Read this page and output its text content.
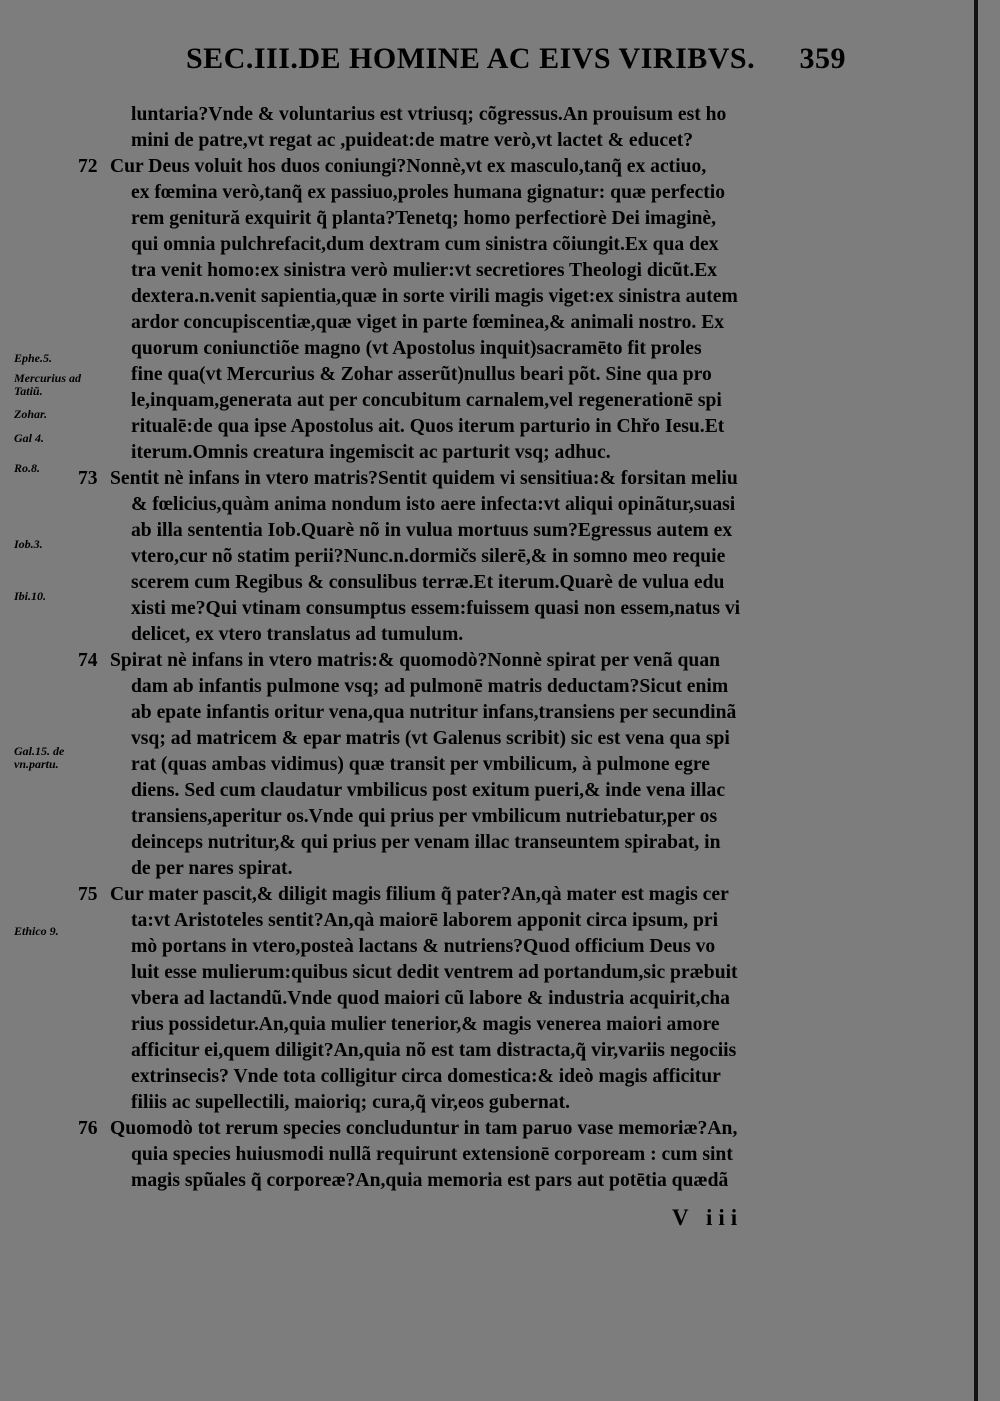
SEC.III.DE HOMINE AC EIVS VIRIBVS. 359
luntaria?Vnde & voluntarius est vtriusq; cõgressus.An prouisum est ho
mini de patre,vt regat ac ,puideat:de matre verò,vt lactet & educet?
72 Cur Deus voluit hos duos coniungi?Nonnè,vt ex masculo,tanq̃ ex actiuo,
ex fœmina verò,tanq̃ ex passiuo,proles humana gignatur: quæ perfectio
rem genitură exquirit q̃ planta?Tenetq; homo perfectiorè Dei imaginè,
qui omnia pulchrefacit,dum dextram cum sinistra cõiungit.Ex qua dex
tra venit homo:ex sinistra verò mulier:vt secretiores Theologi dicũt.Ex
dextera.n.venit sapientia,quæ in sorte virili magis viget:ex sinistra autem
ardor concupiscentiæ,quæ viget in parte fœminea,& animali nostro. Ex
quorum coniunctiõe magno (vt Apostolus inquit)sacramēto fit proles
fine qua(vt Mercurius & Zohar asserũt)nullus beari põt. Sine qua pro
le,inquam,generata aut per concubitum carnalem,vel regenerationē spi
ritualē:de qua ipse Apostolus ait. Quos iterum parturio in Chřo Iesu.Et
iterum.Omnis creatura ingemiscit ac parturit vsq; adhuc.
73 Sentit nè infans in vtero matris?Sentit quidem vi sensitiua:& forsitan meliu
& fœlicius,quàm anima nondum isto aere infecta:vt aliqui opinãtur,suasi
ab illa sententia Iob.Quarè nõ in vulua mortuus sum?Egressus autem ex
vtero,cur nõ statim perii?Nunc.n.dormičs silerē,& in somno meo requie
scerem cum Regibus & consulibus terræ.Et iterum.Quarè de vulua edu
xisti me?Qui vtinam consumptus essem:fuissem quasi non essem,natus vi
delicet, ex vtero translatus ad tumulum.
74 Spirat nè infans in vtero matris:& quomodò?Nonnè spirat per venã quan
dam ab infantis pulmone vsq; ad pulmonē matris deductam?Sicut enim
ab epate infantis oritur vena,qua nutritur infans,transiens per secundinã
vsq; ad matricem & epar matris (vt Galenus scribit) sic est vena qua spi
rat (quas ambas vidimus) quæ transit per vmbilicum, à pulmone egre
diens. Sed cum claudatur vmbilicus post exitum pueri,& inde vena illac
transiens,aperitur os.Vnde qui prius per vmbilicum nutriebatur,per os
deinceps nutritur,& qui prius per venam illac transeuntem spirabat, in
de per nares spirat.
75 Cur mater pascit,& diligit magis filium q̃ pater?An,qà mater est magis cer
ta:vt Aristoteles sentit?An,qà maiorē laborem apponit circa ipsum, pri
mò portans in vtero,posteà lactans & nutriens?Quod officium Deus vo
luit esse mulierum:quibus sicut dedit ventrem ad portandum,sic præbuit
vbera ad lactandũ.Vnde quod maiori cũ labore & industria acquirit,cha
rius possidetur.An,quia mulier tenerior,& magis venerea maiori amore
afficitur ei,quem diligit?An,quia nõ est tam distracta,q̃ vir,variis negociis
extrinsecis? Vnde tota colligitur circa domestica:& ideò magis afficitur
filiis ac supellectili, maioriq; cura,q̃ vir,eos gubernat.
76 Quomodò tot rerum species concluduntur in tam paruo vase memoriæ?An,
quia species huiusmodi nullã requirunt extensionē corpoream : cum sint
magis spũales q̃ corporeæ?An,quia memoria est pars aut potētia quædã
Ephe.5.
Mercurius ad Tatiũ.
Zohar.
Gal 4.
Ro.8.
Iob.3.
Ibi.10.
Gal.15. de vn.partu.
Ethico 9.
V iii
